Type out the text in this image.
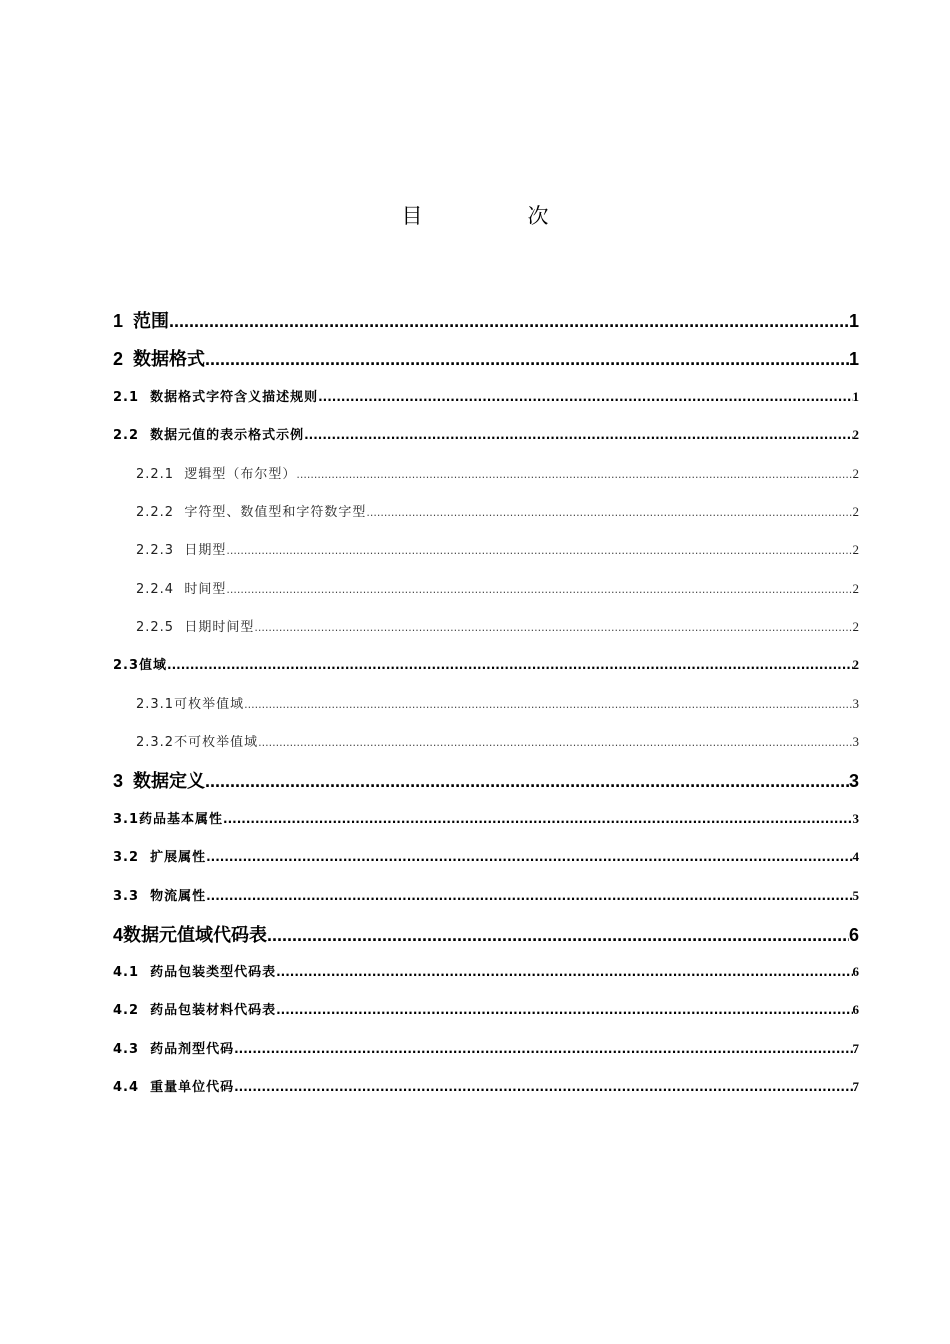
目　次
1 范围 .....	1
2 数据格式 .....	1
2.1 数据格式字符含义描述规则 .....	1
2.2 数据元值的表示格式示例 .....	2
2.2.1 逻辑型（布尔型） .....	2
2.2.2 字符型、数值型和字符数字型 .....	2
2.2.3 日期型 .....	2
2.2.4 时间型 .....	2
2.2.5 日期时间型 .....	2
2.3值域 .....	2
2.3.1可枚举值域 .....	3
2.3.2不可枚举值域 .....	3
3 数据定义 .....	3
3.1药品基本属性 .....	3
3.2 扩展属性 .....	4
3.3 物流属性 .....	5
4数据元值域代码表 .....	6
4.1 药品包装类型代码表 .....	6
4.2 药品包装材料代码表 .....	6
4.3 药品剂型代码 .....	7
4.4 重量单位代码 .....	7
